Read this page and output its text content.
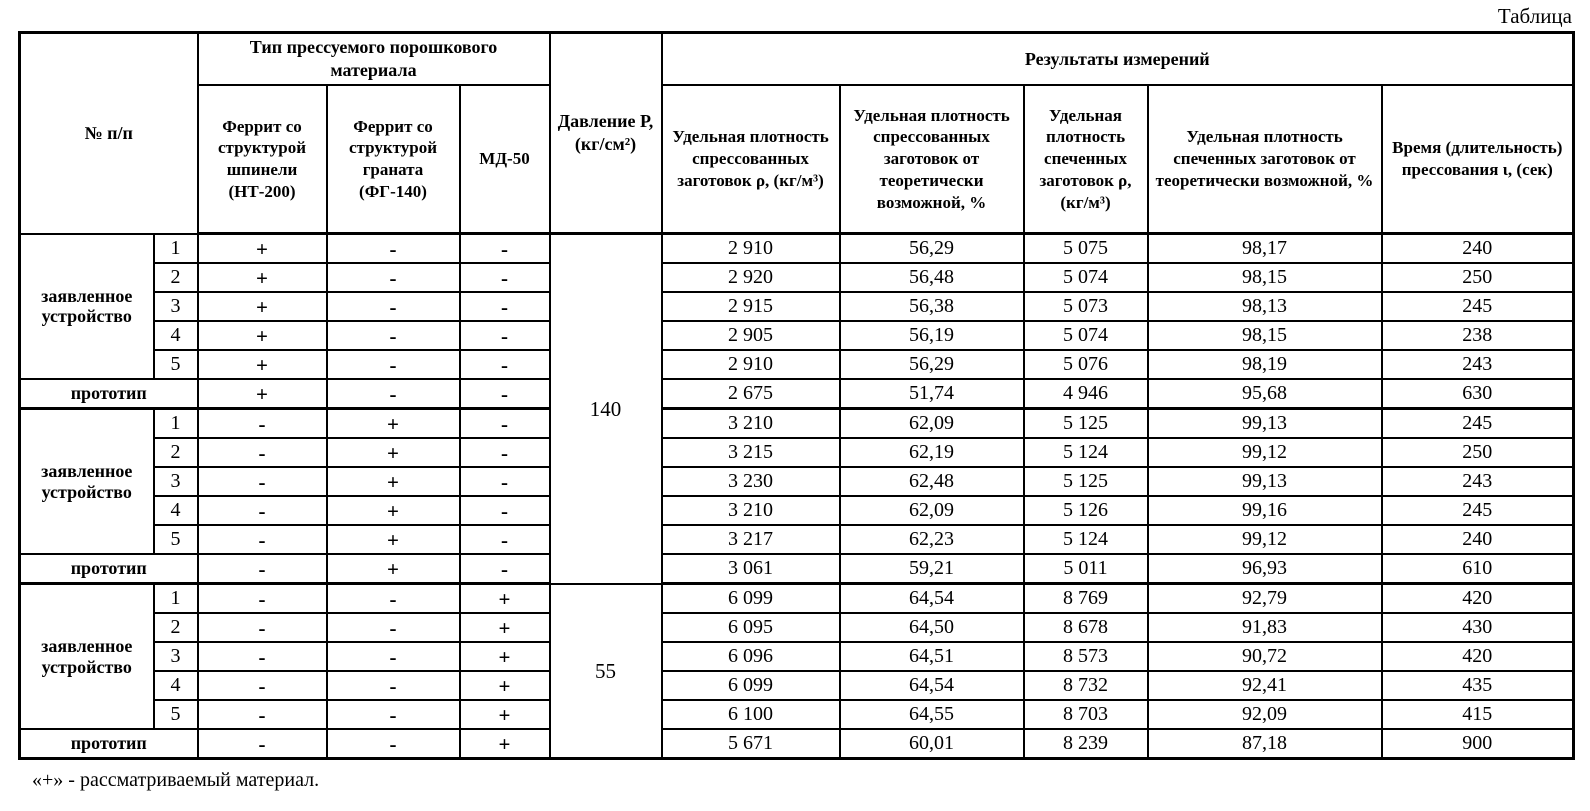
Таблица
№ п/п		Тип прессуемого порошкового материала			Давление Р, (кг/см²)	Результаты измерений				
		Феррит со структурой шпинели (НТ-200)	Феррит со структурой граната (ФГ-140)	МД-50		Удельная плотность спрессованных заготовок ρ, (кг/м³)	Удельная плотность спрессованных заготовок от теоретически возможной, %	Удельная плотность спеченных заготовок ρ, (кг/м³)	Удельная плотность спеченных заготовок от теоретически возможной, %	Время (длительность) прессования ι, (сек)
заявленное устройство	1	+	-	-	140	2 910	56,29	5 075	98,17	240
	2	+	-	-		2 920	56,48	5 074	98,15	250
	3	+	-	-		2 915	56,38	5 073	98,13	245
	4	+	-	-		2 905	56,19	5 074	98,15	238
	5	+	-	-		2 910	56,29	5 076	98,19	243
прототип		+	-	-		2 675	51,74	4 946	95,68	630
заявленное устройство	1	-	+	-		3 210	62,09	5 125	99,13	245
	2	-	+	-		3 215	62,19	5 124	99,12	250
	3	-	+	-		3 230	62,48	5 125	99,13	243
	4	-	+	-		3 210	62,09	5 126	99,16	245
	5	-	+	-		3 217	62,23	5 124	99,12	240
прототип		-	+	-		3 061	59,21	5 011	96,93	610
заявленное устройство	1	-	-	+	55	6 099	64,54	8 769	92,79	420
	2	-	-	+		6 095	64,50	8 678	91,83	430
	3	-	-	+		6 096	64,51	8 573	90,72	420
	4	-	-	+		6 099	64,54	8 732	92,41	435
	5	-	-	+		6 100	64,55	8 703	92,09	415
прототип		-	-	+		5 671	60,01	8 239	87,18	900
«+» - рассматриваемый материал.
